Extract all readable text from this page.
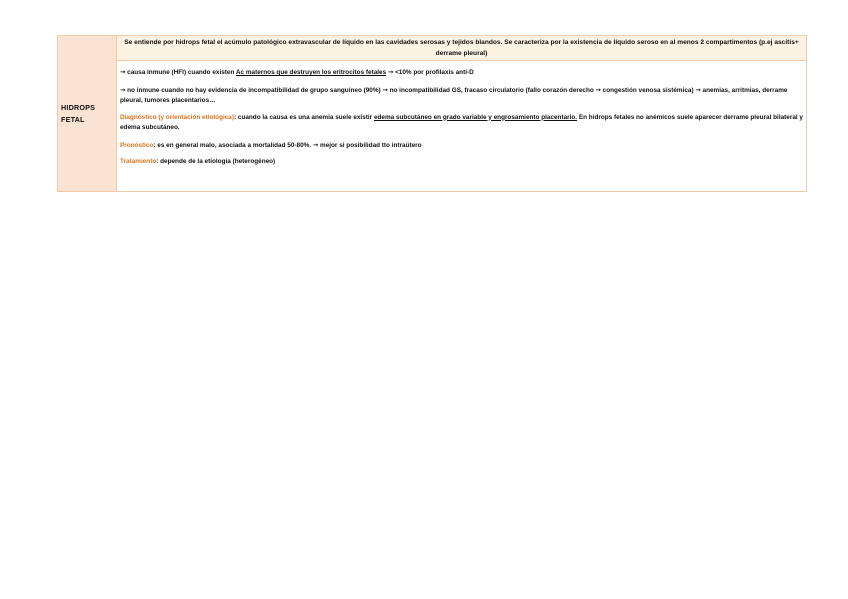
HIDROPS
FETAL
Se entiende por hidrops fetal el acúmulo patológico extravascular de líquido en las cavidades serosas y tejidos blandos. Se caracteriza por la existencia de líquido seroso en al menos 2 compartimentos (p.ej ascitis+ derrame pleural)

→ causa inmune (HFI) cuando existen Ac maternos que destruyen los eritrocitos fetales → <10% por profilaxis anti-D

→ no inmune cuando no hay evidencia de incompatibilidad de grupo sanguíneo (90%) → no incompatibilidad GS, fracaso circulatorio (fallo corazón derecho → congestión venosa sistémica) → anemias, arritmias, derrame pleural, tumores placentarios…

Diagnóstico (y orientación etiológica): cuando la causa es una anemia suele existir edema subcutáneo en grado variable y engrosamiento placentario. En hidrops fetales no anémicos suele aparecer derrame pleural bilateral y edema subcutáneo.

Pronóstico: es en general malo, asociada a mortalidad 50-80%. → mejor si posibilidad tto intraútero

Tratamiento: depende de la etiología (heterogéneo)
